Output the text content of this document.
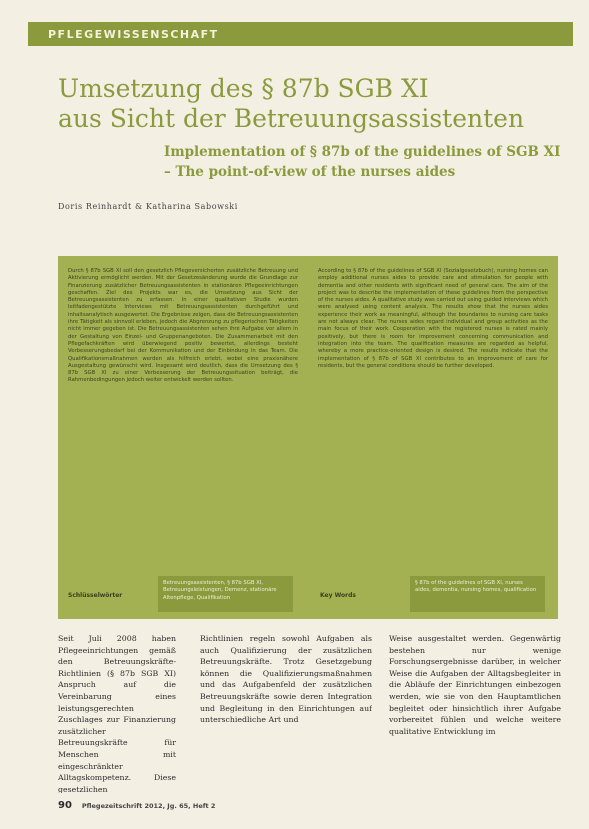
PFLEGEWISSENSCHAFT
Umsetzung des § 87b SGB XI
aus Sicht der Betreuungsassistenten
Implementation of § 87b of the guidelines of SGB XI
– The point-of-view of the nurses aides
Doris Reinhardt & Katharina Sabowski

Durch § 87b SGB XI soll den gesetzlich Pflegeversicherten zusätzliche Betreuung und Aktivierung ermöglicht werden. Mit der Gesetzesänderung wurde die Grundlage zur Finanzierung zusätzlicher Betreuungsassistenten in stationären Pflegeeinrichtungen geschaffen. Ziel des Projekts war es, die Umsetzung aus Sicht der Betreuungsassistenten zu erfassen. In einer qualitativen Studie wurden leitfadengestützte Interviews mit Betreuungsassistenten durchgeführt und inhaltsanalytisch ausgewertet. Die Ergebnisse zeigen, dass die Betreuungsassistenten ihre Tätigkeit als sinnvoll erleben, jedoch die Abgrenzung zu pflegerischen Tätigkeiten nicht immer gegeben ist. Die Betreuungsassistenten sehen ihre Aufgabe vor allem in der Gestaltung von Einzel- und Gruppenangeboten. Die Zusammenarbeit mit den Pflegefachkräften wird überwiegend positiv bewertet, allerdings besteht Verbesserungsbedarf bei der Kommunikation und der Einbindung in das Team. Die Qualifikationsmaßnahmen werden als hilfreich erlebt, wobei eine praxisnähere Ausgestaltung gewünscht wird. Insgesamt wird deutlich, dass die Umsetzung des § 87b SGB XI zu einer Verbesserung der Betreuungssituation beiträgt, die Rahmenbedingungen jedoch weiter entwickelt werden sollten.

According to § 87b of the guidelines of SGB XI (Sozialgesetzbuch), nursing homes can employ additional nurses aides to provide care and stimulation for people with dementia and other residents with significant need of general care. The aim of the project was to describe the implementation of these guidelines from the perspective of the nurses aides. A qualitative study was carried out using guided interviews which were analysed using content analysis. The results show that the nurses aides experience their work as meaningful, although the boundaries to nursing care tasks are not always clear. The nurses aides regard individual and group activities as the main focus of their work. Cooperation with the registered nurses is rated mainly positively, but there is room for improvement concerning communication and integration into the team. The qualification measures are regarded as helpful, whereby a more practice-oriented design is desired. The results indicate that the implementation of § 87b of SGB XI contributes to an improvement of care for residents, but the general conditions should be further developed.

Schlüsselwörter
Betreuungsassistenten, § 87b SGB XI, Betreuungsleistungen, Demenz, stationäre Altenpflege, Qualifikation	Key Words
§ 87b of the guidelines of SGB XI, nurses aides, dementia, nursing homes, qualification

Seit Juli 2008 haben Pflegeeinrichtungen gemäß den Betreuungskräfte-Richtlinien (§ 87b SGB XI) Anspruch auf die Vereinbarung eines leistungsgerechten Zuschlages zur Finanzierung zusätzlicher Betreuungskräfte für Menschen mit eingeschränkter Alltagskompetenz. Diese gesetzlichen

Richtlinien regeln sowohl Aufgaben als auch Qualifizierung der zusätzlichen Betreuungskräfte. Trotz Gesetzgebung können die Qualifizierungsmaßnahmen und das Aufgabenfeld der zusätzlichen Betreuungskräfte sowie deren Integration und Begleitung in den Einrichtungen auf unterschiedliche Art und

Weise ausgestaltet werden. Gegenwärtig bestehen nur wenige Forschungsergebnisse darüber, in welcher Weise die Aufgaben der Alltagsbegleiter in die Abläufe der Einrichtungen einbezogen werden, wie sie von den Hauptamtlichen begleitet oder hinsichtlich ihrer Aufgabe vorbereitet fühlen und welche weitere qualitative Entwicklung im

90 Pflegezeitschrift 2012, Jg. 65, Heft 2
